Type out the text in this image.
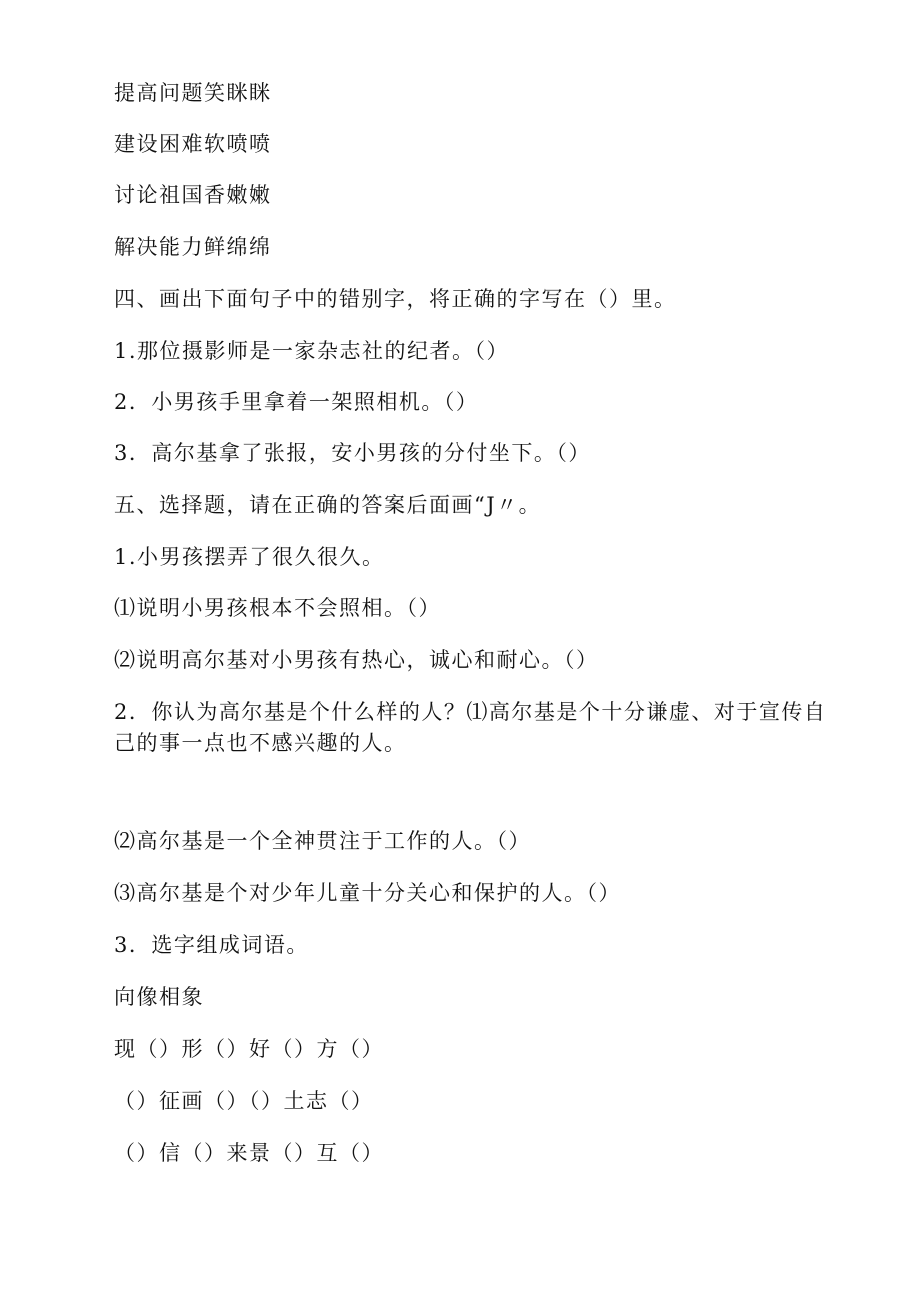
提高问题笑眯眯
建设困难软喷喷
讨论祖国香嫩嫩
解决能力鲜绵绵
四、画出下面句子中的错别字，将正确的字写在（）里。
1.那位摄影师是一家杂志社的纪者。（）
2．小男孩手里拿着一架照相机。（）
3．高尔基拿了张报，安小男孩的分付坐下。（）
五、选择题，请在正确的答案后面画“J〃。
1.小男孩摆弄了很久很久。
⑴说明小男孩根本不会照相。（）
⑵说明高尔基对小男孩有热心，诚心和耐心。（）
2．你认为高尔基是个什么样的人？⑴高尔基是个十分谦虚、对于宣传自己的事一点也不感兴趣的人。
⑵高尔基是一个全神贯注于工作的人。（）
⑶高尔基是个对少年儿童十分关心和保护的人。（）
3．选字组成词语。
向像相象
现（）形（）好（）方（）
（）征画（）（）土志（）
（）信（）来景（）互（）
